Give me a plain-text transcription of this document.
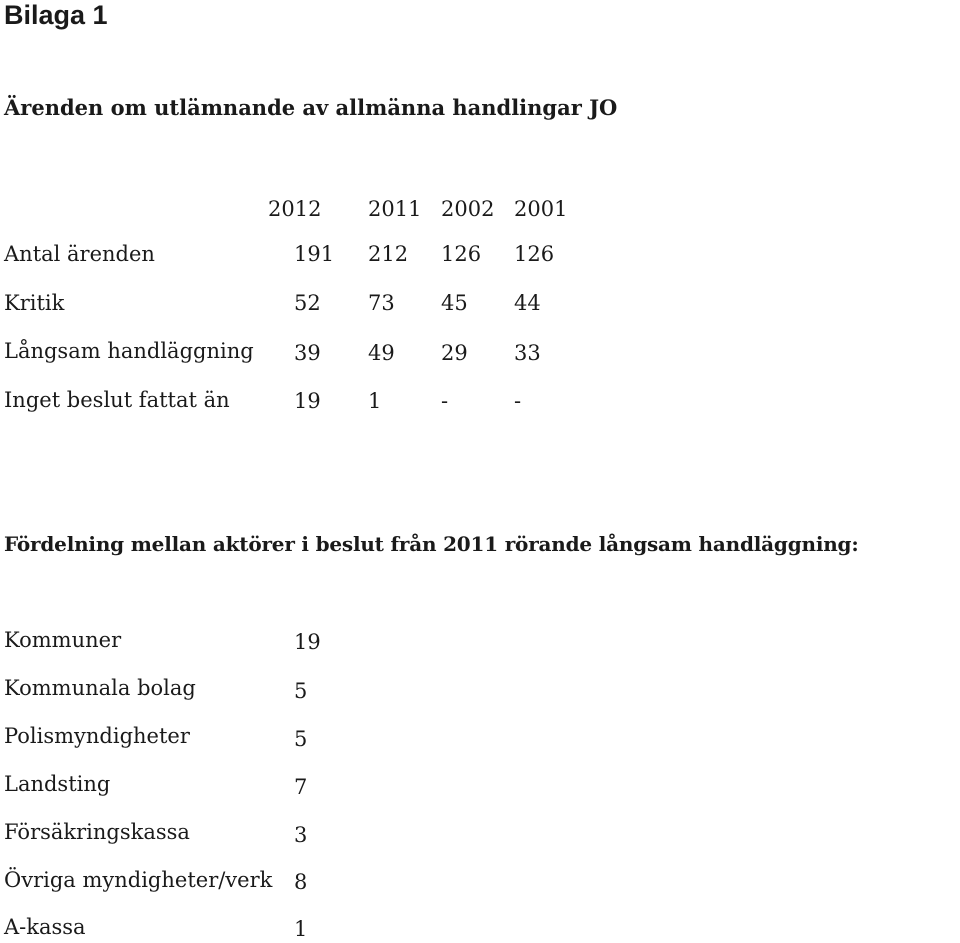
Bilaga 1
Ärenden om utlämnande av allmänna handlingar JO
2012 2011 2002 2001
Antal ärenden	191 212 126 126
Kritik	52 73 45 44
Långsam handläggning 39 49 29 33
Inget beslut fattat än	19 1	-	-
Fördelning mellan aktörer i beslut från 2011 rörande långsam handläggning:
Kommuner	19
Kommunala bolag	5
Polismyndigheter	5
Landsting	7
Försäkringskassa	3
Övriga myndigheter/verk 8
A-kassa	1
